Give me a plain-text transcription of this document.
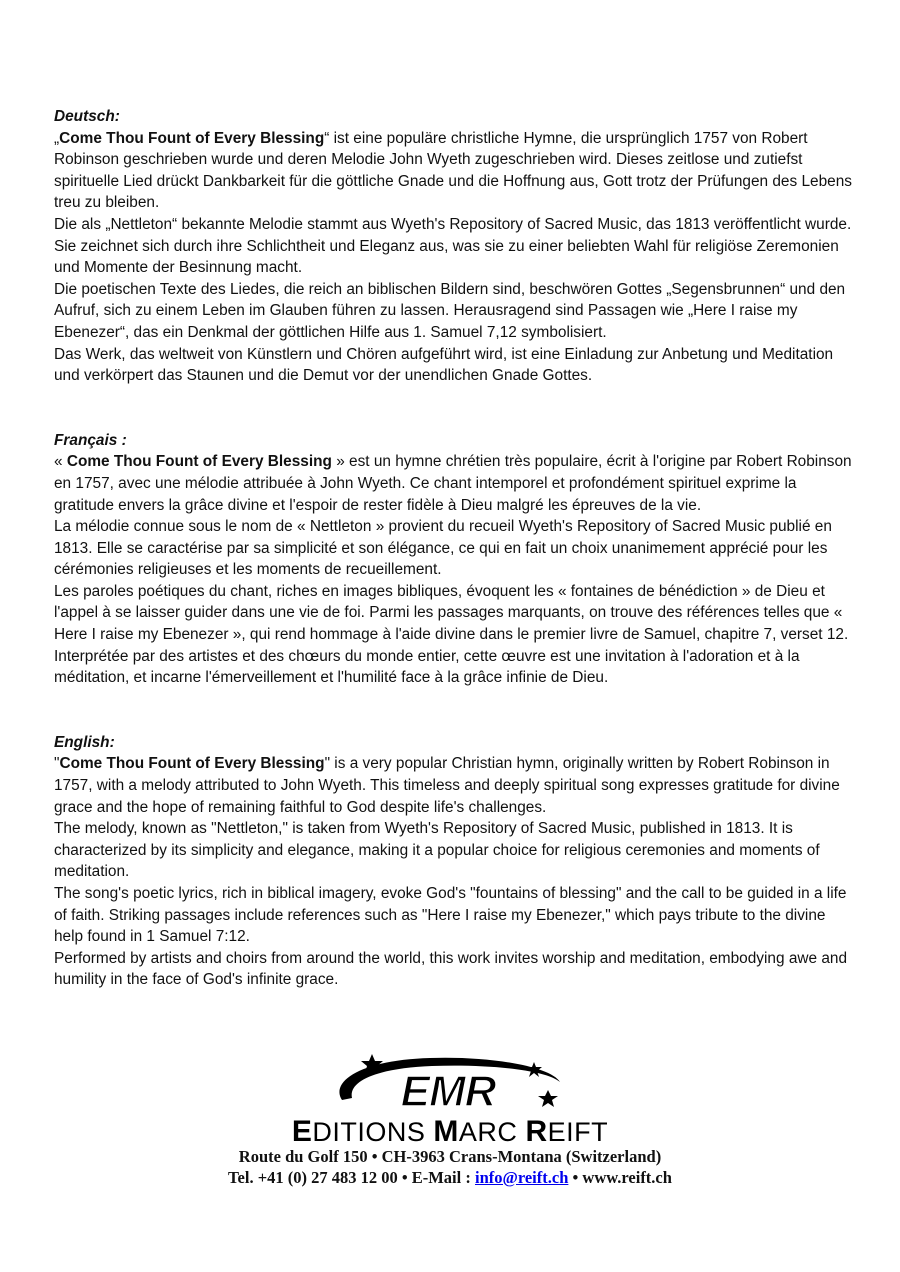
Deutsch:

„Come Thou Fount of Every Blessing“ ist eine populäre christliche Hymne, die ursprünglich 1757 von Robert Robinson geschrieben wurde und deren Melodie John Wyeth zugeschrieben wird. Dieses zeitlose und zutiefst spirituelle Lied drückt Dankbarkeit für die göttliche Gnade und die Hoffnung aus, Gott trotz der Prüfungen des Lebens treu zu bleiben.

Die als „Nettleton“ bekannte Melodie stammt aus Wyeth's Repository of Sacred Music, das 1813 veröffentlicht wurde. Sie zeichnet sich durch ihre Schlichtheit und Eleganz aus, was sie zu einer beliebten Wahl für religiöse Zeremonien und Momente der Besinnung macht.

Die poetischen Texte des Liedes, die reich an biblischen Bildern sind, beschwören Gottes „Segensbrunnen“ und den Aufruf, sich zu einem Leben im Glauben führen zu lassen. Herausragend sind Passagen wie „Here I raise my Ebenezer“, das ein Denkmal der göttlichen Hilfe aus 1. Samuel 7,12 symbolisiert.

Das Werk, das weltweit von Künstlern und Chören aufgeführt wird, ist eine Einladung zur Anbetung und Meditation und verkörpert das Staunen und die Demut vor der unendlichen Gnade Gottes.

Français :

« Come Thou Fount of Every Blessing » est un hymne chrétien très populaire, écrit à l'origine par Robert Robinson en 1757, avec une mélodie attribuée à John Wyeth. Ce chant intemporel et profondément spirituel exprime la gratitude envers la grâce divine et l'espoir de rester fidèle à Dieu malgré les épreuves de la vie.

La mélodie connue sous le nom de « Nettleton » provient du recueil Wyeth's Repository of Sacred Music publié en 1813. Elle se caractérise par sa simplicité et son élégance, ce qui en fait un choix unanimement apprécié pour les cérémonies religieuses et les moments de recueillement.

Les paroles poétiques du chant, riches en images bibliques, évoquent les « fontaines de bénédiction » de Dieu et l'appel à se laisser guider dans une vie de foi. Parmi les passages marquants, on trouve des références telles que « Here I raise my Ebenezer », qui rend hommage à l'aide divine dans le premier livre de Samuel, chapitre 7, verset 12.

Interprétée par des artistes et des chœurs du monde entier, cette œuvre est une invitation à l'adoration et à la méditation, et incarne l'émerveillement et l'humilité face à la grâce infinie de Dieu.

English:

"Come Thou Fount of Every Blessing" is a very popular Christian hymn, originally written by Robert Robinson in 1757, with a melody attributed to John Wyeth. This timeless and deeply spiritual song expresses gratitude for divine grace and the hope of remaining faithful to God despite life's challenges.

The melody, known as "Nettleton," is taken from Wyeth's Repository of Sacred Music, published in 1813. It is characterized by its simplicity and elegance, making it a popular choice for religious ceremonies and moments of meditation.

The song's poetic lyrics, rich in biblical imagery, evoke God's "fountains of blessing" and the call to be guided in a life of faith. Striking passages include references such as "Here I raise my Ebenezer," which pays tribute to the divine help found in 1 Samuel 7:12.

Performed by artists and choirs from around the world, this work invites worship and meditation, embodying awe and humility in the face of God's infinite grace.

EMR
EDITIONS MARC REIFT
Route du Golf 150 • CH-3963 Crans-Montana (Switzerland)
Tel. +41 (0) 27 483 12 00 • E-Mail : info@reift.ch • www.reift.ch
